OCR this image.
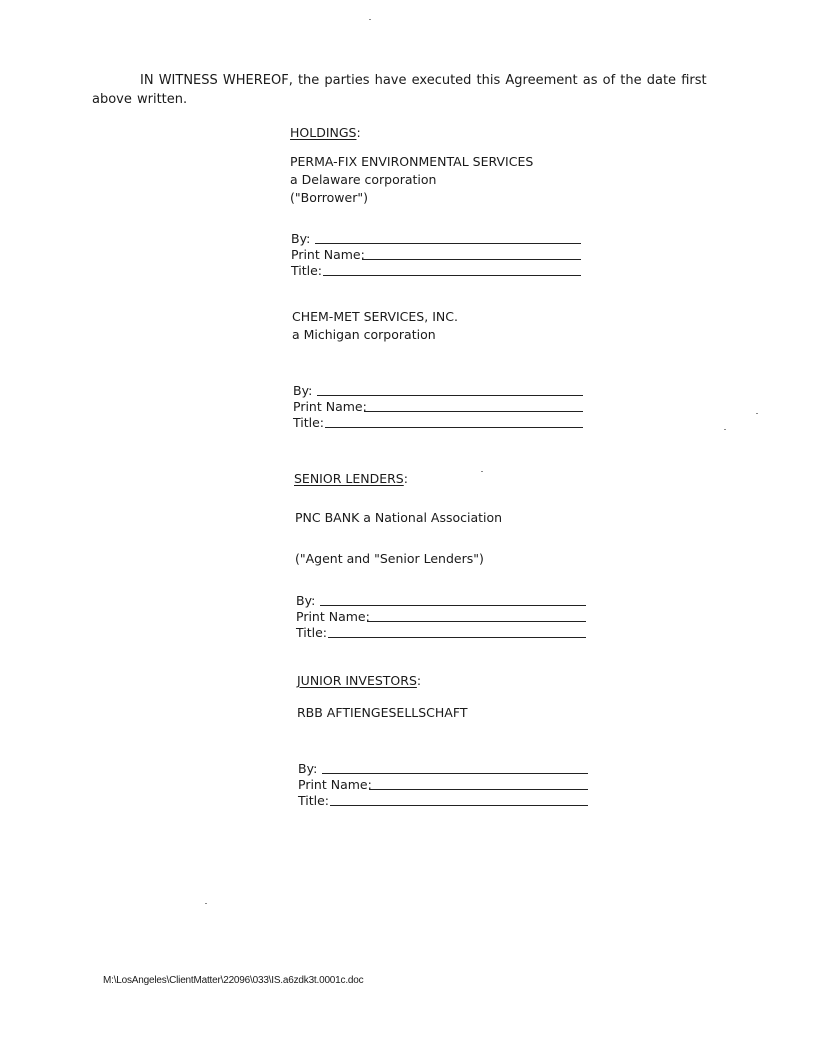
IN WITNESS WHEREOF, the parties have executed this Agreement as of the date first above written.
HOLDINGS:
PERMA-FIX ENVIRONMENTAL SERVICES
a Delaware corporation
("Borrower")
By:
Print Name:
Title:
CHEM-MET SERVICES, INC.
a Michigan corporation
By:
Print Name:
Title:
SENIOR LENDERS:
PNC BANK a National Association
("Agent and "Senior Lenders")
By:
Print Name:
Title:
JUNIOR INVESTORS:
RBB AFTIENGESELLSCHAFT
By:
Print Name:
Title:
M:\LosAngeles\ClientMatter\22096\033\IS.a6zdk3t.0001c.doc
